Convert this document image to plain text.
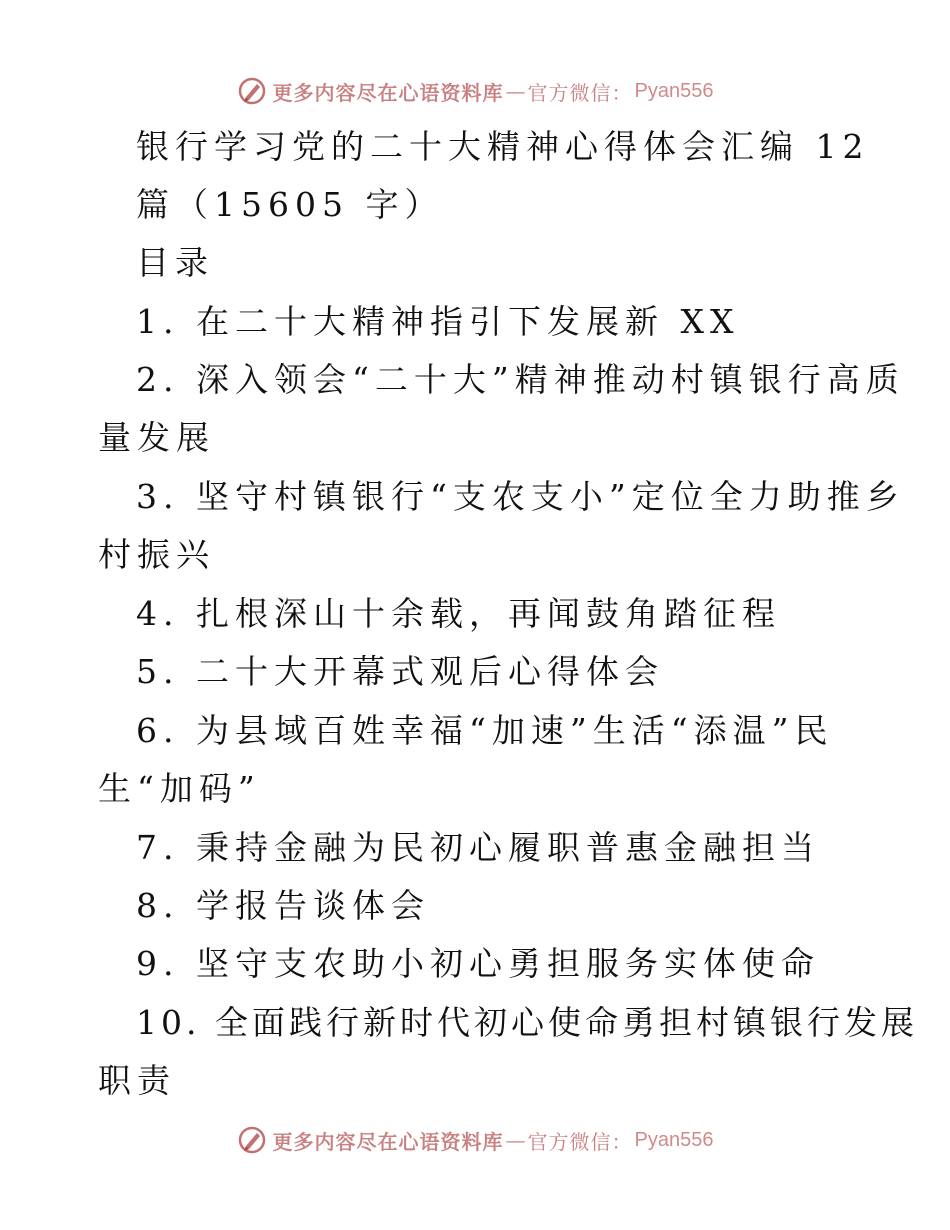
更多内容尽在心语资料库 — 官方微信： Pyan556
银行学习党的二十大精神心得体会汇编 12
篇（15605 字）
目录
1. 在二十大精神指引下发展新 XX
2. 深入领会“二十大”精神推动村镇银行高质
量发展
3. 坚守村镇银行“支农支小”定位全力助推乡
村振兴
4. 扎根深山十余载，再闻鼓角踏征程
5. 二十大开幕式观后心得体会
6. 为县域百姓幸福“加速”生活“添温”民
生“加码”
7. 秉持金融为民初心履职普惠金融担当
8. 学报告谈体会
9. 坚守支农助小初心勇担服务实体使命
10. 全面践行新时代初心使命勇担村镇银行发展
职责
更多内容尽在心语资料库 — 官方微信： Pyan556
